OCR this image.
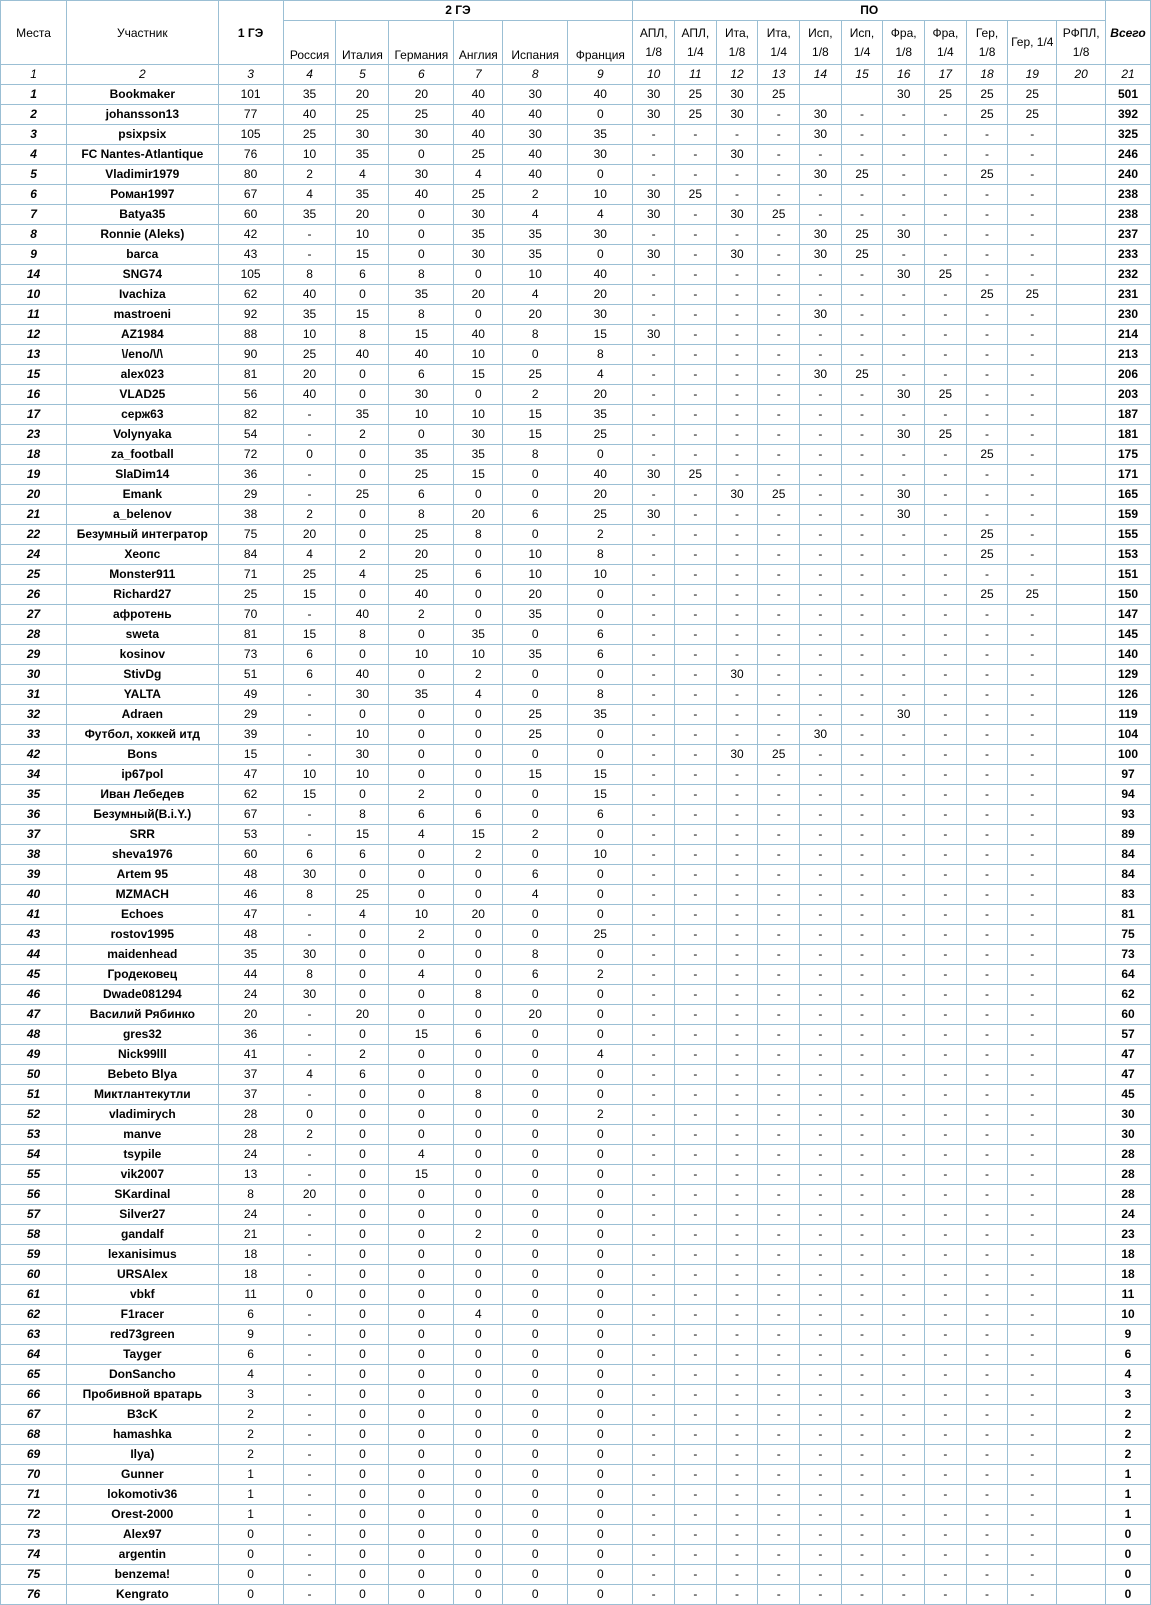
Места	Участник	1 ГЭ	2 ГЭ						ПО											Всего
			Россия	Италия	Германия	Англия	Испания	Франция	АПЛ, 1/8	АПЛ, 1/4	Ита, 1/8	Ита, 1/4	Исп, 1/8	Исп, 1/4	Фра, 1/8	Фра, 1/4	Гер, 1/8	Гер, 1/4	РФПЛ, 1/8	
1	2	3	4	5	6	7	8	9	10	11	12	13	14	15	16	17	18	19	20	21
1	Bookmaker	101	35	20	20	40	30	40	30	25	30	25			30	25	25	25		501
2	johansson13	77	40	25	25	40	40	0	30	25	30	-	30	-	-	-	25	25		392
3	psixpsix	105	25	30	30	40	30	35	-	-	-	-	30	-	-	-	-	-		325
4	FC Nantes-Atlantique	76	10	35	0	25	40	30	-	-	30	-	-	-	-	-	-	-		246
5	Vladimir1979	80	2	4	30	4	40	0	-	-	-	-	30	25	-	-	25	-		240
6	Роман1997	67	4	35	40	25	2	10	30	25	-	-	-	-	-	-	-	-		238
7	Batya35	60	35	20	0	30	4	4	30	-	30	25	-	-	-	-	-	-		238
8	Ronnie (Aleks)	42	-	10	0	35	35	30	-	-	-	-	30	25	30	-	-	-		237
9	barca	43	-	15	0	30	35	0	30	-	30	-	30	25	-	-	-	-		233
14	SNG74	105	8	6	8	0	10	40	-	-	-	-	-	-	30	25	-	-		232
10	Ivachiza	62	40	0	35	20	4	20	-	-	-	-	-	-	-	-	25	25		231
11	mastroeni	92	35	15	8	0	20	30	-	-	-	-	30	-	-	-	-	-		230
12	AZ1984	88	10	8	15	40	8	15	30	-	-	-	-	-	-	-	-	-		214
13	\/eno/\/\	90	25	40	40	10	0	8	-	-	-	-	-	-	-	-	-	-		213
15	alex023	81	20	0	6	15	25	4	-	-	-	-	30	25	-	-	-	-		206
16	VLAD25	56	40	0	30	0	2	20	-	-	-	-	-	-	30	25	-	-		203
17	серж63	82	-	35	10	10	15	35	-	-	-	-	-	-	-	-	-	-		187
23	Volynyaka	54	-	2	0	30	15	25	-	-	-	-	-	-	30	25	-	-		181
18	za_football	72	0	0	35	35	8	0	-	-	-	-	-	-	-	-	25	-		175
19	SlaDim14	36	-	0	25	15	0	40	30	25	-	-	-	-	-	-	-	-		171
20	Emank	29	-	25	6	0	0	20	-	-	30	25	-	-	30	-	-	-		165
21	a_belenov	38	2	0	8	20	6	25	30	-	-	-	-	-	30	-	-	-		159
22	Безумный интегратор	75	20	0	25	8	0	2	-	-	-	-	-	-	-	-	25	-		155
24	Хеопс	84	4	2	20	0	10	8	-	-	-	-	-	-	-	-	25	-		153
25	Monster911	71	25	4	25	6	10	10	-	-	-	-	-	-	-	-	-	-		151
26	Richard27	25	15	0	40	0	20	0	-	-	-	-	-	-	-	-	25	25		150
27	афротень	70	-	40	2	0	35	0	-	-	-	-	-	-	-	-	-	-		147
28	sweta	81	15	8	0	35	0	6	-	-	-	-	-	-	-	-	-	-		145
29	kosinov	73	6	0	10	10	35	6	-	-	-	-	-	-	-	-	-	-		140
30	StivDg	51	6	40	0	2	0	0	-	-	30	-	-	-	-	-	-	-		129
31	YALTA	49	-	30	35	4	0	8	-	-	-	-	-	-	-	-	-	-		126
32	Adraen	29	-	0	0	0	25	35	-	-	-	-	-	-	30	-	-	-		119
33	Футбол, хоккей итд	39	-	10	0	0	25	0	-	-	-	-	30	-	-	-	-	-		104
42	Bons	15	-	30	0	0	0	0	-	-	30	25	-	-	-	-	-	-		100
34	ip67pol	47	10	10	0	0	15	15	-	-	-	-	-	-	-	-	-	-		97
35	Иван Лебедев	62	15	0	2	0	0	15	-	-	-	-	-	-	-	-	-	-		94
36	Безумный(B.i.Y.)	67	-	8	6	6	0	6	-	-	-	-	-	-	-	-	-	-		93
37	SRR	53	-	15	4	15	2	0	-	-	-	-	-	-	-	-	-	-		89
38	sheva1976	60	6	6	0	2	0	10	-	-	-	-	-	-	-	-	-	-		84
39	Artem 95	48	30	0	0	0	6	0	-	-	-	-	-	-	-	-	-	-		84
40	MZMACH	46	8	25	0	0	4	0	-	-	-	-	-	-	-	-	-	-		83
41	Echoes	47	-	4	10	20	0	0	-	-	-	-	-	-	-	-	-	-		81
43	rostov1995	48	-	0	2	0	0	25	-	-	-	-	-	-	-	-	-	-		75
44	maidenhead	35	30	0	0	0	8	0	-	-	-	-	-	-	-	-	-	-		73
45	Гродековец	44	8	0	4	0	6	2	-	-	-	-	-	-	-	-	-	-		64
46	Dwade081294	24	30	0	0	8	0	0	-	-	-	-	-	-	-	-	-	-		62
47	Василий Рябинко	20	-	20	0	0	20	0	-	-	-	-	-	-	-	-	-	-		60
48	gres32	36	-	0	15	6	0	0	-	-	-	-	-	-	-	-	-	-		57
49	Nick99lll	41	-	2	0	0	0	4	-	-	-	-	-	-	-	-	-	-		47
50	Bebeto Blya	37	4	6	0	0	0	0	-	-	-	-	-	-	-	-	-	-		47
51	Миктлантекутли	37	-	0	0	8	0	0	-	-	-	-	-	-	-	-	-	-		45
52	vladimirych	28	0	0	0	0	0	2	-	-	-	-	-	-	-	-	-	-		30
53	manve	28	2	0	0	0	0	0	-	-	-	-	-	-	-	-	-	-		30
54	tsypile	24	-	0	4	0	0	0	-	-	-	-	-	-	-	-	-	-		28
55	vik2007	13	-	0	15	0	0	0	-	-	-	-	-	-	-	-	-	-		28
56	SKardinal	8	20	0	0	0	0	0	-	-	-	-	-	-	-	-	-	-		28
57	Silver27	24	-	0	0	0	0	0	-	-	-	-	-	-	-	-	-	-		24
58	gandalf	21	-	0	0	2	0	0	-	-	-	-	-	-	-	-	-	-		23
59	lexanisimus	18	-	0	0	0	0	0	-	-	-	-	-	-	-	-	-	-		18
60	URSAlex	18	-	0	0	0	0	0	-	-	-	-	-	-	-	-	-	-		18
61	vbkf	11	0	0	0	0	0	0	-	-	-	-	-	-	-	-	-	-		11
62	F1racer	6	-	0	0	4	0	0	-	-	-	-	-	-	-	-	-	-		10
63	red73green	9	-	0	0	0	0	0	-	-	-	-	-	-	-	-	-	-		9
64	Tayger	6	-	0	0	0	0	0	-	-	-	-	-	-	-	-	-	-		6
65	DonSancho	4	-	0	0	0	0	0	-	-	-	-	-	-	-	-	-	-		4
66	Пробивной вратарь	3	-	0	0	0	0	0	-	-	-	-	-	-	-	-	-	-		3
67	B3cK	2	-	0	0	0	0	0	-	-	-	-	-	-	-	-	-	-		2
68	hamashka	2	-	0	0	0	0	0	-	-	-	-	-	-	-	-	-	-		2
69	Ilya)	2	-	0	0	0	0	0	-	-	-	-	-	-	-	-	-	-		2
70	Gunner	1	-	0	0	0	0	0	-	-	-	-	-	-	-	-	-	-		1
71	lokomotiv36	1	-	0	0	0	0	0	-	-	-	-	-	-	-	-	-	-		1
72	Orest-2000	1	-	0	0	0	0	0	-	-	-	-	-	-	-	-	-	-		1
73	Alex97	0	-	0	0	0	0	0	-	-	-	-	-	-	-	-	-	-		0
74	argentin	0	-	0	0	0	0	0	-	-	-	-	-	-	-	-	-	-		0
75	benzema!	0	-	0	0	0	0	0	-	-	-	-	-	-	-	-	-	-		0
76	Kengrato	0	-	0	0	0	0	0	-	-	-	-	-	-	-	-	-	-		0
